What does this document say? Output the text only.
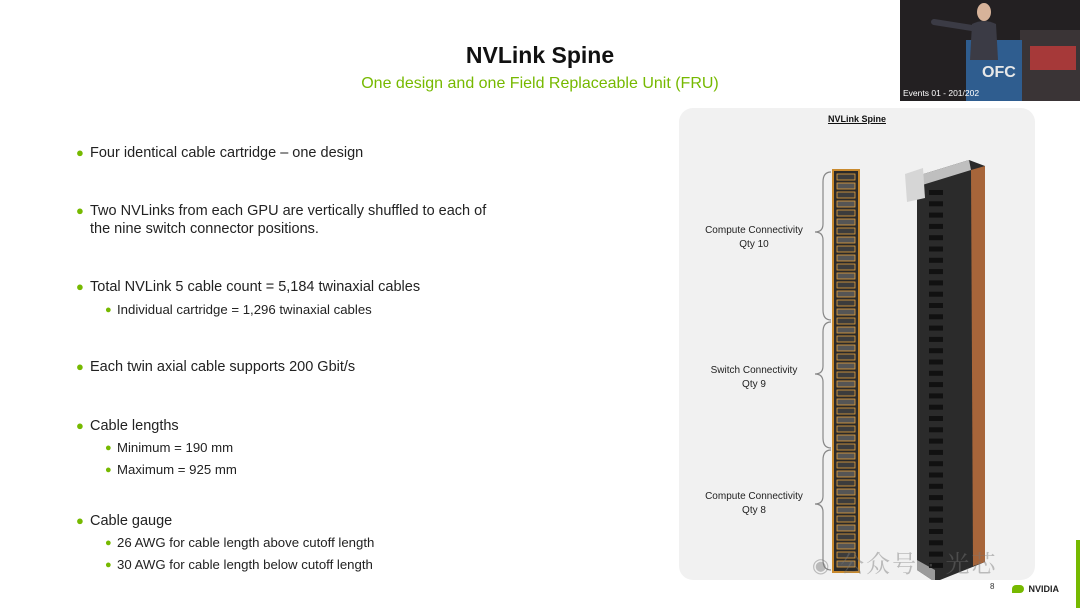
NVLink Spine
One design and one Field Replaceable Unit (FRU)
● Four identical cable cartridge – one design
● Two NVLinks from each GPU are vertically shuffled to each of
the nine switch connector positions.
● Total NVLink 5 cable count = 5,184 twinaxial cables
● Individual cartridge = 1,296 twinaxial cables
● Each twin axial cable supports 200 Gbit/s
● Cable lengths
● Minimum = 190 mm
● Maximum = 925 mm
● Cable gauge
● 26 AWG for cable length above cutoff length
● 30 AWG for cable length below cutoff length
NVLink Spine
Compute Connectivity
Qty 10
Switch Connectivity
Qty 9
Compute Connectivity
Qty 8
OFC
Events 01 - 201/202
◉ 公众号 · 光芯
8	NVIDIA
